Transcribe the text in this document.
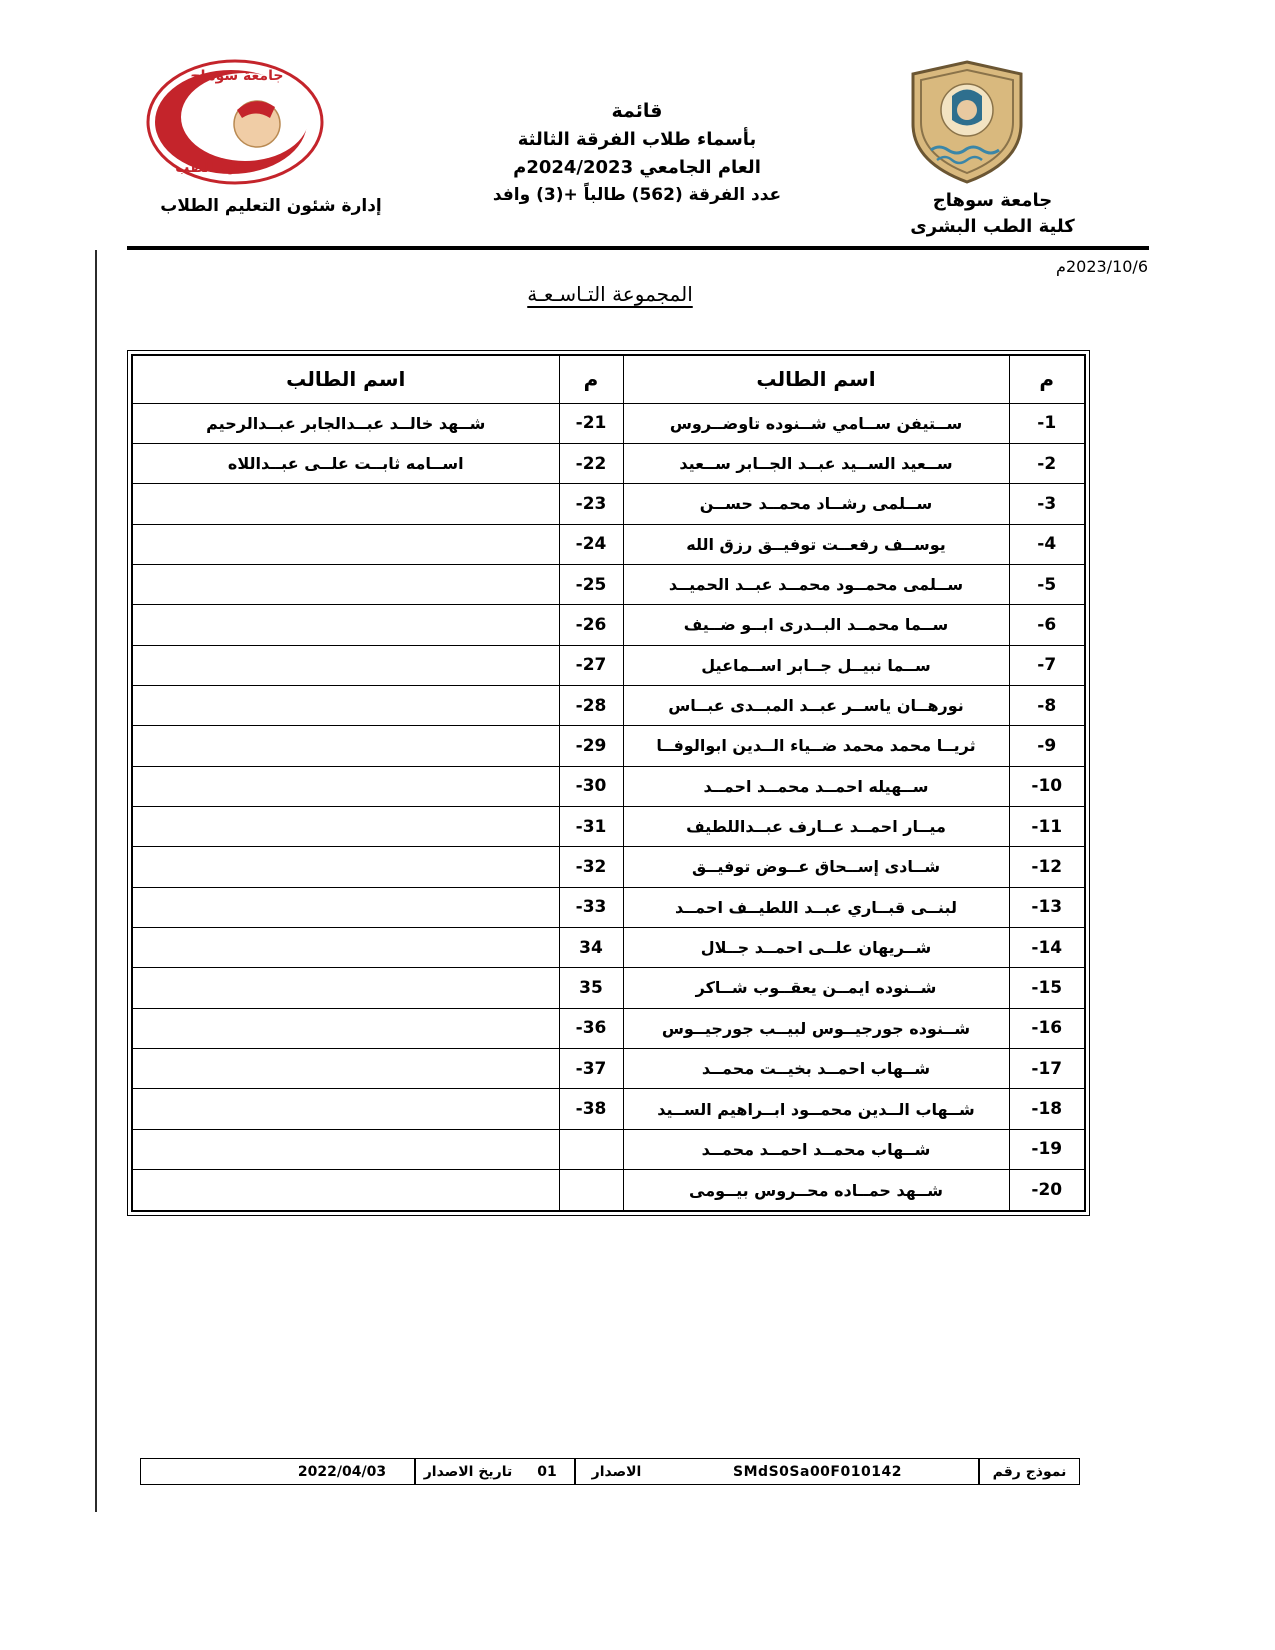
جامعة سوهاج
كلية الطب
إدارة شئون التعليم الطلاب
قائمة
بأسماء طلاب الفرقة الثالثة
العام الجامعي 2024/2023م
عدد الفرقة (562) طالباً +(3) وافد	جامعة سوهاج
كلية الطب البشرى
2023/10/6م
المجموعة التـاسـعـة
م	اسم الطالب	م	اسم الطالب
-1	ســتيفن ســامي شــنوده تاوضــروس	-21	شــهد خالــد عبــدالجابر عبــدالرحيم
-2	ســعيد الســيد عبــد الجــابر ســعيد	-22	اســامه ثابــت علــى عبــداللاه
-3	ســلمى رشــاد محمــد حســن	-23	
-4	يوســف رفعــت توفيــق رزق الله	-24	
-5	ســلمى محمــود محمــد عبــد الحميــد	-25	
-6	ســما محمــد البــدرى ابــو ضــيف	-26	
-7	ســما نبيــل جــابر اســماعيل	-27	
-8	نورهــان ياســر عبــد المبــدى عبــاس	-28	
-9	ثريــا محمد محمد ضــياء الــدين ابوالوفــا	-29	
-10	ســهيله احمــد محمــد احمــد	-30	
-11	ميــار احمــد عــارف عبــداللطيف	-31	
-12	شــادى إســحاق عــوض توفيــق	-32	
-13	لبنــى قبــاري عبــد اللطيــف احمــد	-33	
-14	شــريهان علــى احمــد جــلال	34	
-15	شــنوده ايمــن يعقــوب شــاكر	35	
-16	شــنوده جورجيــوس لبيــب جورجيــوس	-36	
-17	شــهاب احمــد بخيــت محمــد	-37	
-18	شــهاب الــدين محمــود ابــراهيم الســيد	-38	
-19	شــهاب محمــد احمــد محمــد		
-20	شــهد حمــاده محــروس بيــومى		
نموذج رقم
SMdS0Sa00F010142
الاصدار
01
تاريخ الاصدار
2022/04/03
